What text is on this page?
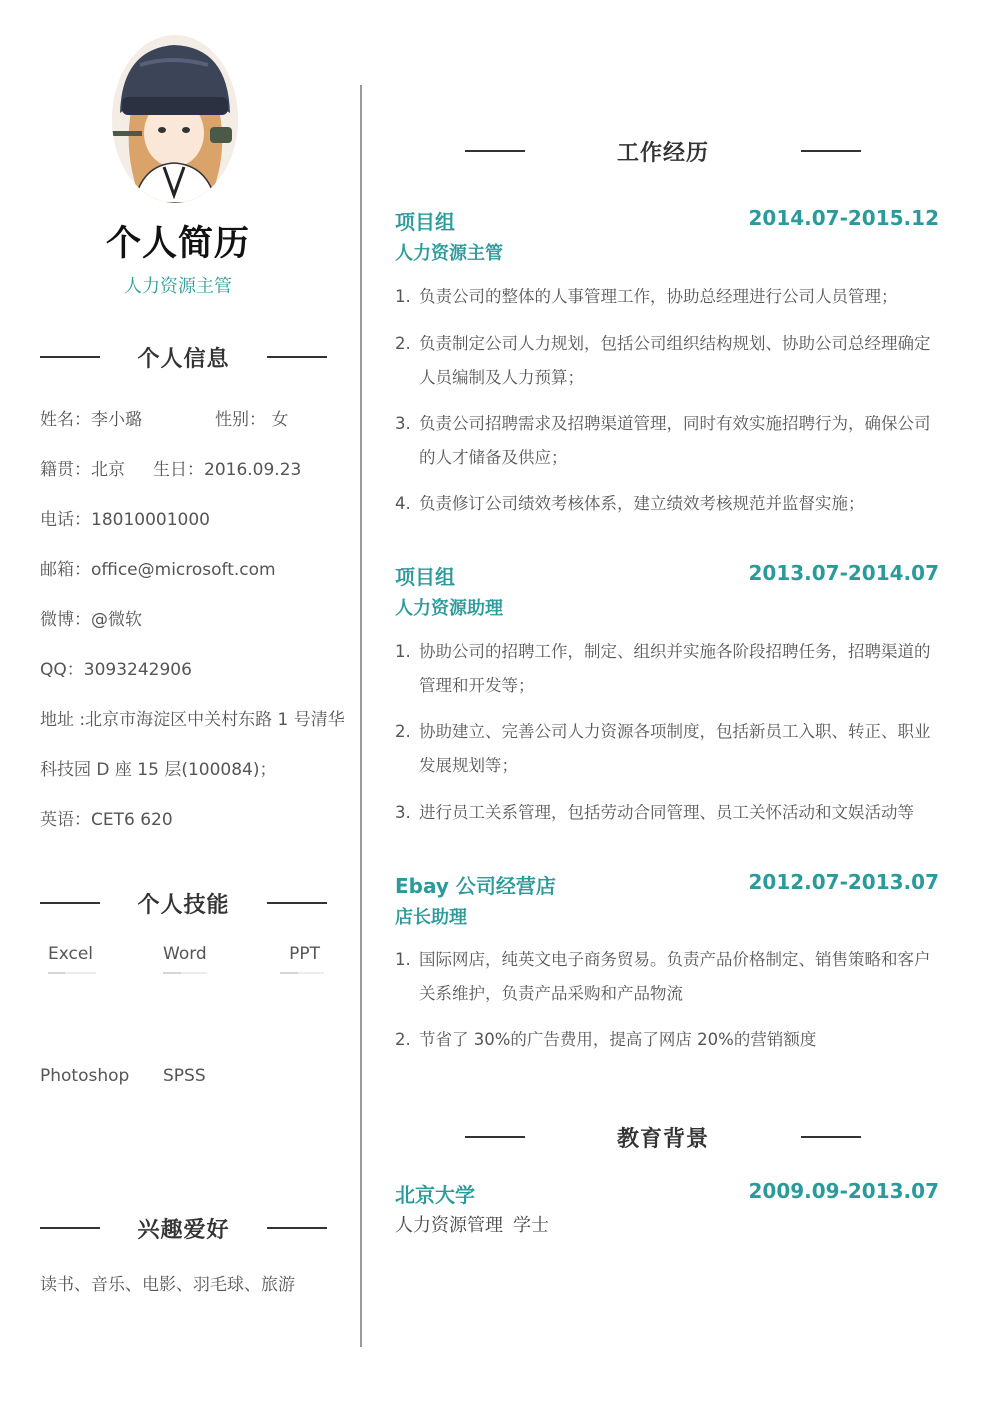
个人简历
人力资源主管
个人信息
姓名：李小璐	性别： 女
籍贯：北京 生日：2016.09.23
电话：18010001000
邮箱：office@microsoft.com
微博：@微软
QQ：3093242906
地址 :北京市海淀区中关村东路 1 号清华
科技园 D 座 15 层(100084)；
英语：CET6 620
个人技能
Excel	Word	PPT
Photoshop SPSS
兴趣爱好
读书、音乐、电影、羽毛球、旅游
工作经历
项目组	2014.07-2015.12
人力资源主管
1. 负责公司的整体的人事管理工作，协助总经理进行公司人员管理；
2. 负责制定公司人力规划，包括公司组织结构规划、协助公司总经理确定人员编制及人力预算；
3. 负责公司招聘需求及招聘渠道管理，同时有效实施招聘行为，确保公司的人才储备及供应；
4. 负责修订公司绩效考核体系，建立绩效考核规范并监督实施；
项目组	2013.07-2014.07
人力资源助理
1. 协助公司的招聘工作，制定、组织并实施各阶段招聘任务，招聘渠道的管理和开发等；
2. 协助建立、完善公司人力资源各项制度，包括新员工入职、转正、职业发展规划等；
3. 进行员工关系管理，包括劳动合同管理、员工关怀活动和文娱活动等
Ebay 公司经营店	2012.07-2013.07
店长助理
1. 国际网店，纯英文电子商务贸易。负责产品价格制定、销售策略和客户关系维护，负责产品采购和产品物流
2. 节省了 30%的广告费用，提高了网店 20%的营销额度
教育背景
北京大学	2009.09-2013.07
人力资源管理 学士
